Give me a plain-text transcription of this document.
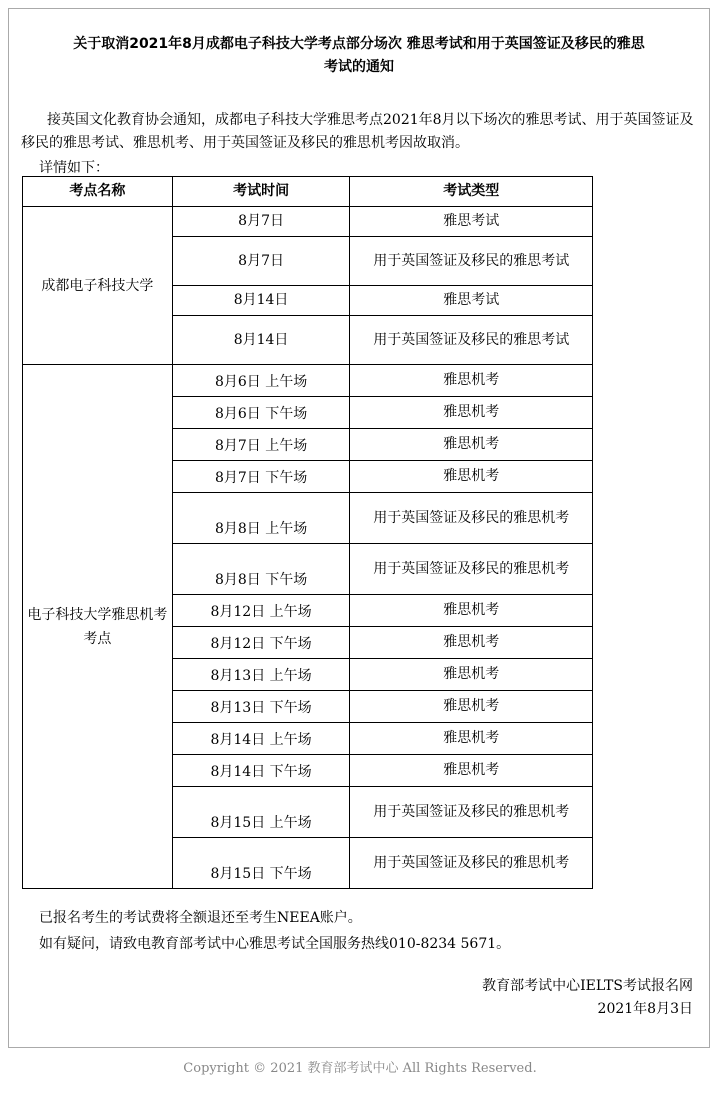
关于取消2021年8月成都电子科技大学考点部分场次 雅思考试和用于英国签证及移民的雅思
考试的通知

接英国文化教育协会通知，成都电子科技大学雅思考点2021年8月以下场次的雅思考试、用于英国签证及移民的雅思考试、雅思机考、用于英国签证及移民的雅思机考因故取消。

详情如下：
考点名称	考试时间	考试类型
成都电子科技大学	8月7日	雅思考试
	8月7日	用于英国签证及移民的雅思考试
	8月14日	雅思考试
	8月14日	用于英国签证及移民的雅思考试
电子科技大学雅思机考考点	8月6日 上午场	雅思机考
	8月6日 下午场	雅思机考
	8月7日 上午场	雅思机考
	8月7日 下午场	雅思机考
	8月8日 上午场	用于英国签证及移民的雅思机考
	8月8日 下午场	用于英国签证及移民的雅思机考
	8月12日 上午场	雅思机考
	8月12日 下午场	雅思机考
	8月13日 上午场	雅思机考
	8月13日 下午场	雅思机考
	8月14日 上午场	雅思机考
	8月14日 下午场	雅思机考
	8月15日 上午场	用于英国签证及移民的雅思机考
	8月15日 下午场	用于英国签证及移民的雅思机考
已报名考生的考试费将全额退还至考生NEEA账户。
如有疑问，请致电教育部考试中心雅思考试全国服务热线010-8234 5671。
教育部考试中心IELTS考试报名网
2021年8月3日
Copyright © 2021 教育部考试中心 All Rights Reserved.
